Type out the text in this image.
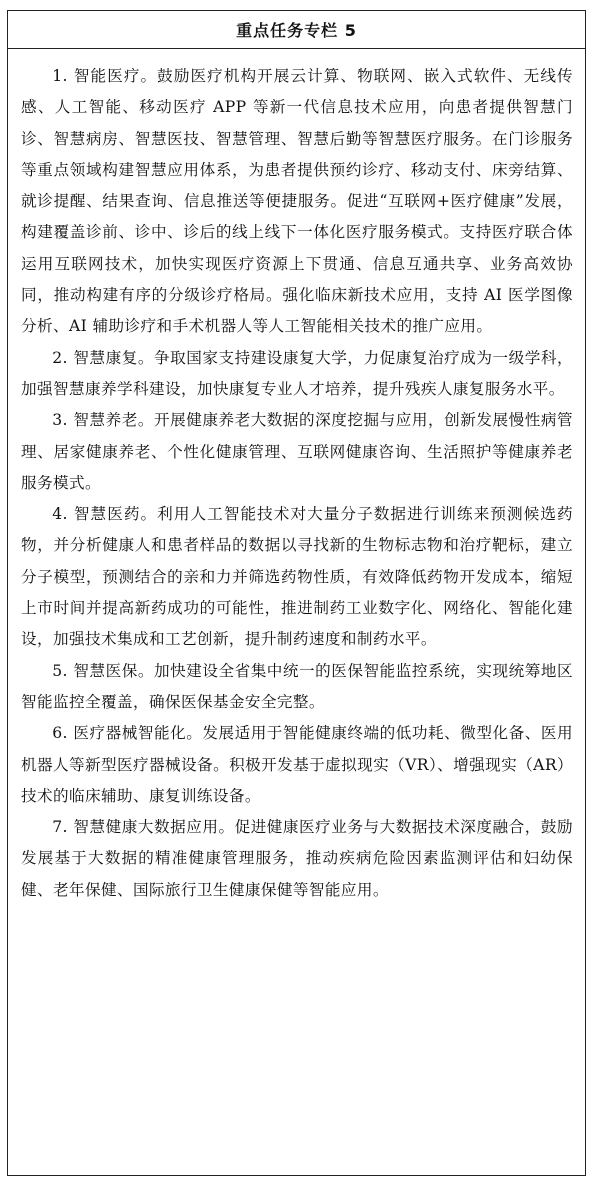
重点任务专栏 5

1. 智能医疗。鼓励医疗机构开展云计算、物联网、嵌入式软件、无线传感、人工智能、移动医疗 APP 等新一代信息技术应用，向患者提供智慧门诊、智慧病房、智慧医技、智慧管理、智慧后勤等智慧医疗服务。在门诊服务等重点领域构建智慧应用体系，为患者提供预约诊疗、移动支付、床旁结算、就诊提醒、结果查询、信息推送等便捷服务。促进“互联网+医疗健康”发展，构建覆盖诊前、诊中、诊后的线上线下一体化医疗服务模式。支持医疗联合体运用互联网技术，加快实现医疗资源上下贯通、信息互通共享、业务高效协同，推动构建有序的分级诊疗格局。强化临床新技术应用，支持 AI 医学图像分析、AI 辅助诊疗和手术机器人等人工智能相关技术的推广应用。

2. 智慧康复。争取国家支持建设康复大学，力促康复治疗成为一级学科，加强智慧康养学科建设，加快康复专业人才培养，提升残疾人康复服务水平。

3. 智慧养老。开展健康养老大数据的深度挖掘与应用，创新发展慢性病管理、居家健康养老、个性化健康管理、互联网健康咨询、生活照护等健康养老服务模式。

4. 智慧医药。利用人工智能技术对大量分子数据进行训练来预测候选药物，并分析健康人和患者样品的数据以寻找新的生物标志物和治疗靶标，建立分子模型，预测结合的亲和力并筛选药物性质，有效降低药物开发成本，缩短上市时间并提高新药成功的可能性，推进制药工业数字化、网络化、智能化建设，加强技术集成和工艺创新，提升制药速度和制药水平。

5. 智慧医保。加快建设全省集中统一的医保智能监控系统，实现统筹地区智能监控全覆盖，确保医保基金安全完整。

6. 医疗器械智能化。发展适用于智能健康终端的低功耗、微型化备、医用机器人等新型医疗器械设备。积极开发基于虚拟现实（VR）、增强现实（AR）技术的临床辅助、康复训练设备。

7. 智慧健康大数据应用。促进健康医疗业务与大数据技术深度融合，鼓励发展基于大数据的精准健康管理服务，推动疾病危险因素监测评估和妇幼保健、老年保健、国际旅行卫生健康保健等智能应用。
